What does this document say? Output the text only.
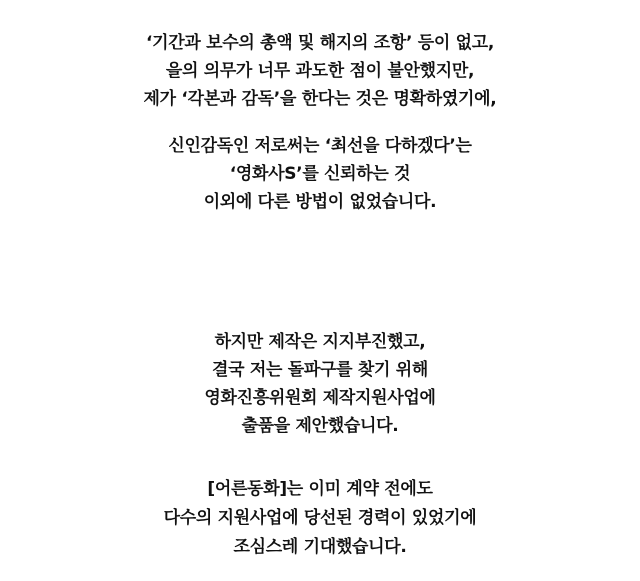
‘기간과 보수의 총액 및 해지의 조항’ 등이 없고,
을의 의무가 너무 과도한 점이 불안했지만,
제가 ‘각본과 감독’을 한다는 것은 명확하였기에,
신인감독인 저로써는 ‘최선을 다하겠다’는
‘영화사S’를 신뢰하는 것
이외에 다른 방법이 없었습니다.
하지만 제작은 지지부진했고,
결국 저는 돌파구를 찾기 위해
영화진흥위원회 제작지원사업에
출품을 제안했습니다.
[어른동화]는 이미 계약 전에도
다수의 지원사업에 당선된 경력이 있었기에
조심스레 기대했습니다.
